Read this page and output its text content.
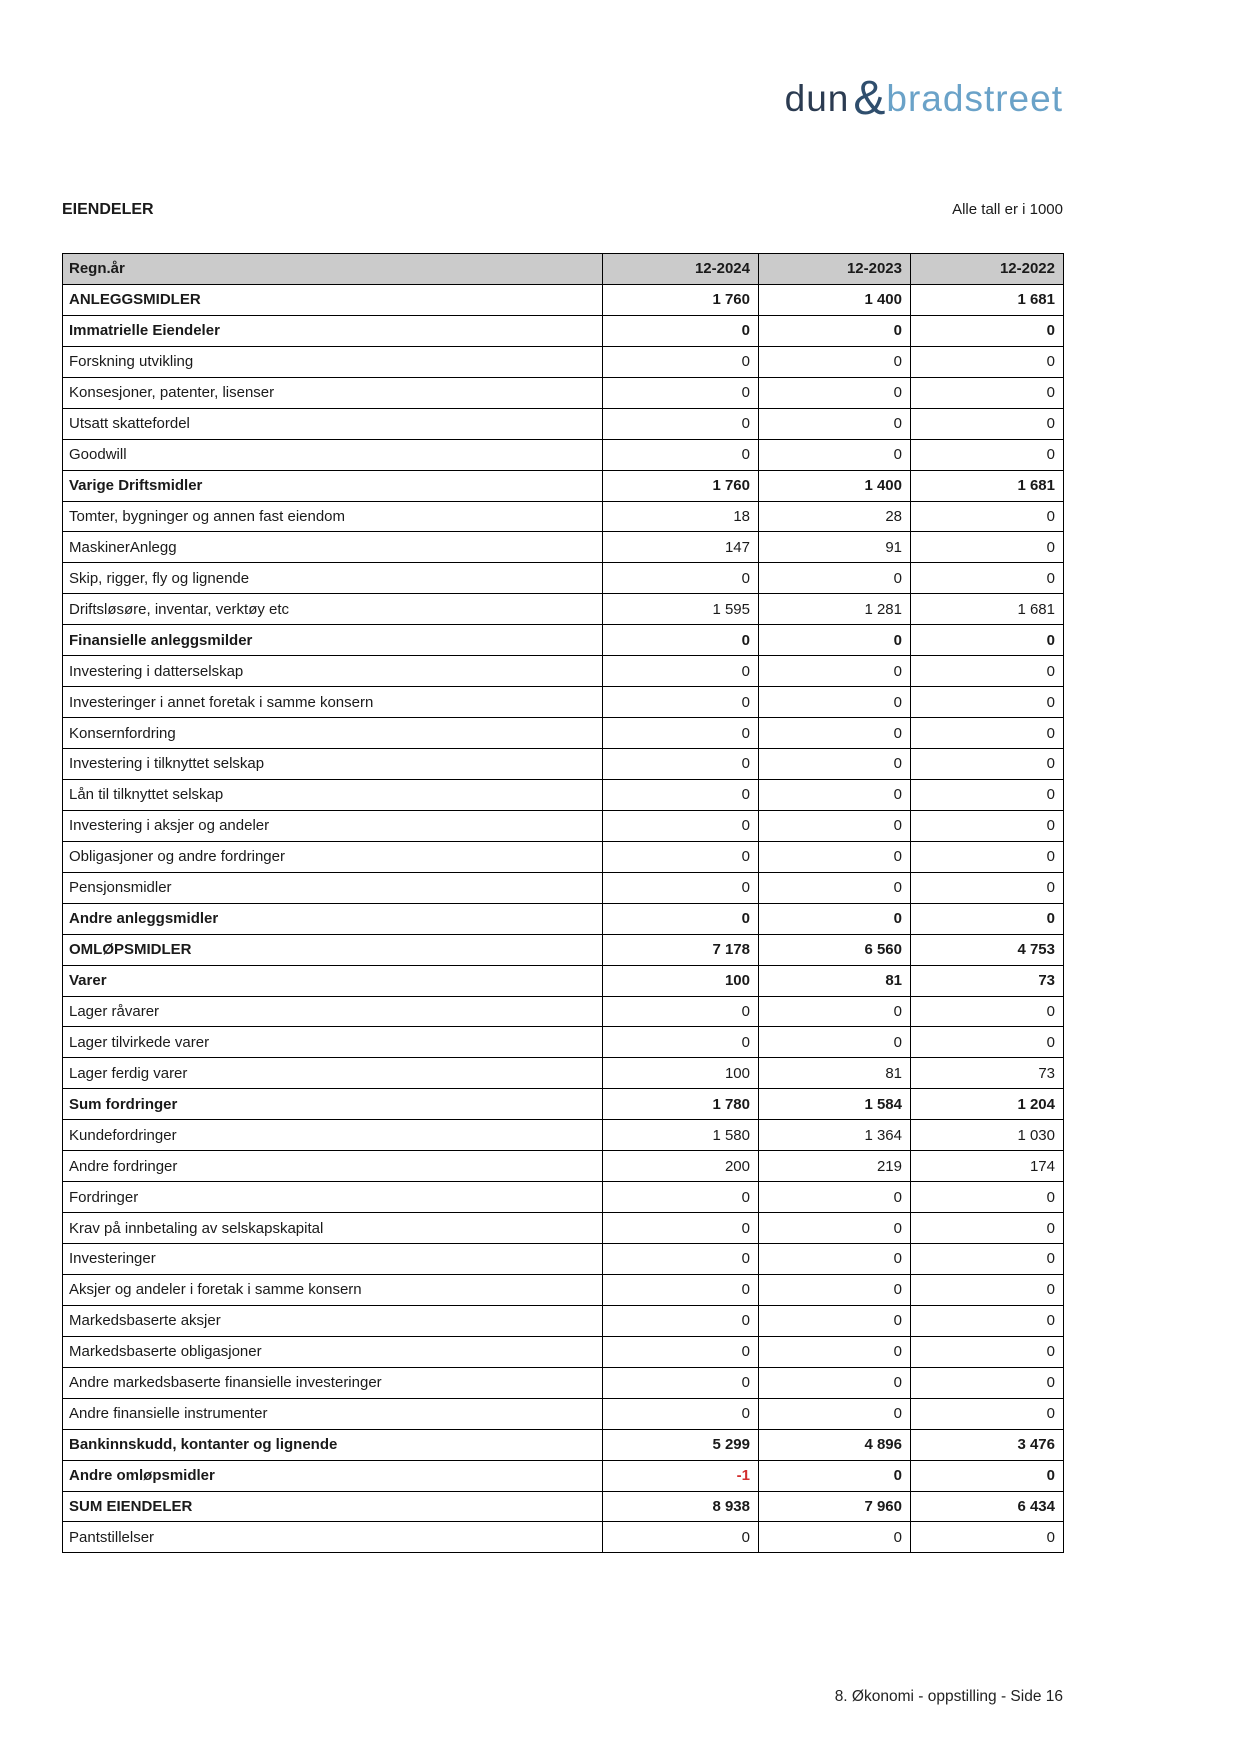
dun & bradstreet
EIENDELER	Alle tall er i 1000
Regn.år	12-2024	12-2023	12-2022
ANLEGGSMIDLER	1 760	1 400	1 681
Immatrielle Eiendeler	0	0	0
Forskning utvikling	0	0	0
Konsesjoner, patenter, lisenser	0	0	0
Utsatt skattefordel	0	0	0
Goodwill	0	0	0
Varige Driftsmidler	1 760	1 400	1 681
Tomter, bygninger og annen fast eiendom	18	28	0
MaskinerAnlegg	147	91	0
Skip, rigger, fly og lignende	0	0	0
Driftsløsøre, inventar, verktøy etc	1 595	1 281	1 681
Finansielle anleggsmilder	0	0	0
Investering i datterselskap	0	0	0
Investeringer i annet foretak i samme konsern	0	0	0
Konsernfordring	0	0	0
Investering i tilknyttet selskap	0	0	0
Lån til tilknyttet selskap	0	0	0
Investering i aksjer og andeler	0	0	0
Obligasjoner og andre fordringer	0	0	0
Pensjonsmidler	0	0	0
Andre anleggsmidler	0	0	0
OMLØPSMIDLER	7 178	6 560	4 753
Varer	100	81	73
Lager råvarer	0	0	0
Lager tilvirkede varer	0	0	0
Lager ferdig varer	100	81	73
Sum fordringer	1 780	1 584	1 204
Kundefordringer	1 580	1 364	1 030
Andre fordringer	200	219	174
Fordringer	0	0	0
Krav på innbetaling av selskapskapital	0	0	0
Investeringer	0	0	0
Aksjer og andeler i foretak i samme konsern	0	0	0
Markedsbaserte aksjer	0	0	0
Markedsbaserte obligasjoner	0	0	0
Andre markedsbaserte finansielle investeringer	0	0	0
Andre finansielle instrumenter	0	0	0
Bankinnskudd, kontanter og lignende	5 299	4 896	3 476
Andre omløpsmidler	-1	0	0
SUM EIENDELER	8 938	7 960	6 434
Pantstillelser	0	0	0
8. Økonomi - oppstilling - Side 16
